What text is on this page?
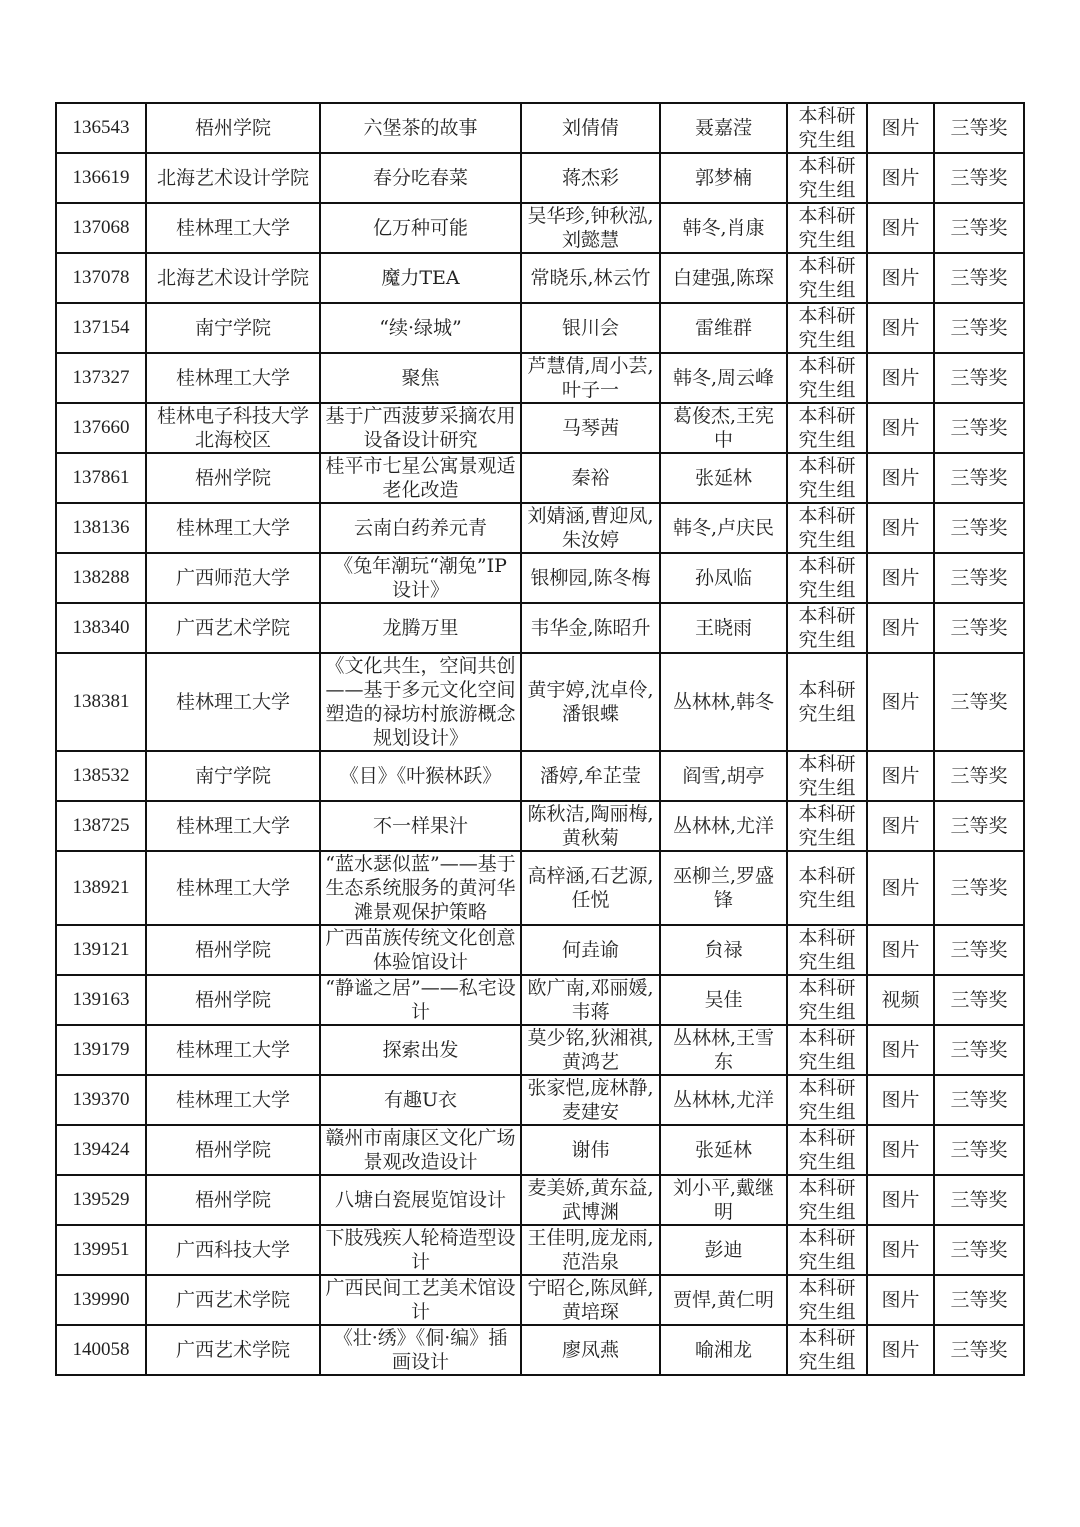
136543	梧州学院	六堡茶的故事	刘倩倩	聂嘉滢	本科研究生组	图片	三等奖
136619	北海艺术设计学院	春分吃春菜	蒋杰彩	郭梦楠	本科研究生组	图片	三等奖
137068	桂林理工大学	亿万种可能	吴华珍,钟秋泓,刘懿慧	韩冬,肖康	本科研究生组	图片	三等奖
137078	北海艺术设计学院	魔力TEA	常晓乐,林云竹	白建强,陈琛	本科研究生组	图片	三等奖
137154	南宁学院	“续·绿城”	银川会	雷维群	本科研究生组	图片	三等奖
137327	桂林理工大学	聚焦	芦慧倩,周小芸,叶子一	韩冬,周云峰	本科研究生组	图片	三等奖
137660	桂林电子科技大学北海校区	基于广西菠萝采摘农用设备设计研究	马琴茜	葛俊杰,王宪中	本科研究生组	图片	三等奖
137861	梧州学院	桂平市七星公寓景观适老化改造	秦裕	张延林	本科研究生组	图片	三等奖
138136	桂林理工大学	云南白药养元青	刘婧涵,曹迎凤,朱汝婷	韩冬,卢庆民	本科研究生组	图片	三等奖
138288	广西师范大学	《兔年潮玩“潮兔”IP设计》	银柳园,陈冬梅	孙凤临	本科研究生组	图片	三等奖
138340	广西艺术学院	龙腾万里	韦华金,陈昭升	王晓雨	本科研究生组	图片	三等奖
138381	桂林理工大学	《文化共生，空间共创——基于多元文化空间塑造的禄坊村旅游概念规划设计》	黄宇婷,沈卓伶,潘银蝶	丛林林,韩冬	本科研究生组	图片	三等奖
138532	南宁学院	《目》《叶猴林跃》	潘婷,牟芷莹	阎雪,胡亭	本科研究生组	图片	三等奖
138725	桂林理工大学	不一样果汁	陈秋洁,陶丽梅,黄秋菊	丛林林,尤洋	本科研究生组	图片	三等奖
138921	桂林理工大学	“蓝水瑟似蓝”——基于生态系统服务的黄河华滩景观保护策略	高梓涵,石艺源,任悦	巫柳兰,罗盛锋	本科研究生组	图片	三等奖
139121	梧州学院	广西苗族传统文化创意体验馆设计	何垚谕	贠禄	本科研究生组	图片	三等奖
139163	梧州学院	“静谧之居”——私宅设计	欧广南,邓丽媛,韦蒋	吴佳	本科研究生组	视频	三等奖
139179	桂林理工大学	探索出发	莫少铭,狄湘祺,黄鸿艺	丛林林,王雪东	本科研究生组	图片	三等奖
139370	桂林理工大学	有趣U衣	张家恺,庞林静,麦建安	丛林林,尤洋	本科研究生组	图片	三等奖
139424	梧州学院	赣州市南康区文化广场景观改造设计	谢伟	张延林	本科研究生组	图片	三等奖
139529	梧州学院	八塘白瓷展览馆设计	麦美娇,黄东益,武博渊	刘小平,戴继明	本科研究生组	图片	三等奖
139951	广西科技大学	下肢残疾人轮椅造型设计	王佳明,庞龙雨,范浩泉	彭迪	本科研究生组	图片	三等奖
139990	广西艺术学院	广西民间工艺美术馆设计	宁昭仑,陈凤鲜,黄培琛	贾悍,黄仁明	本科研究生组	图片	三等奖
140058	广西艺术学院	《壮·绣》《侗·编》插画设计	廖凤燕	喻湘龙	本科研究生组	图片	三等奖
